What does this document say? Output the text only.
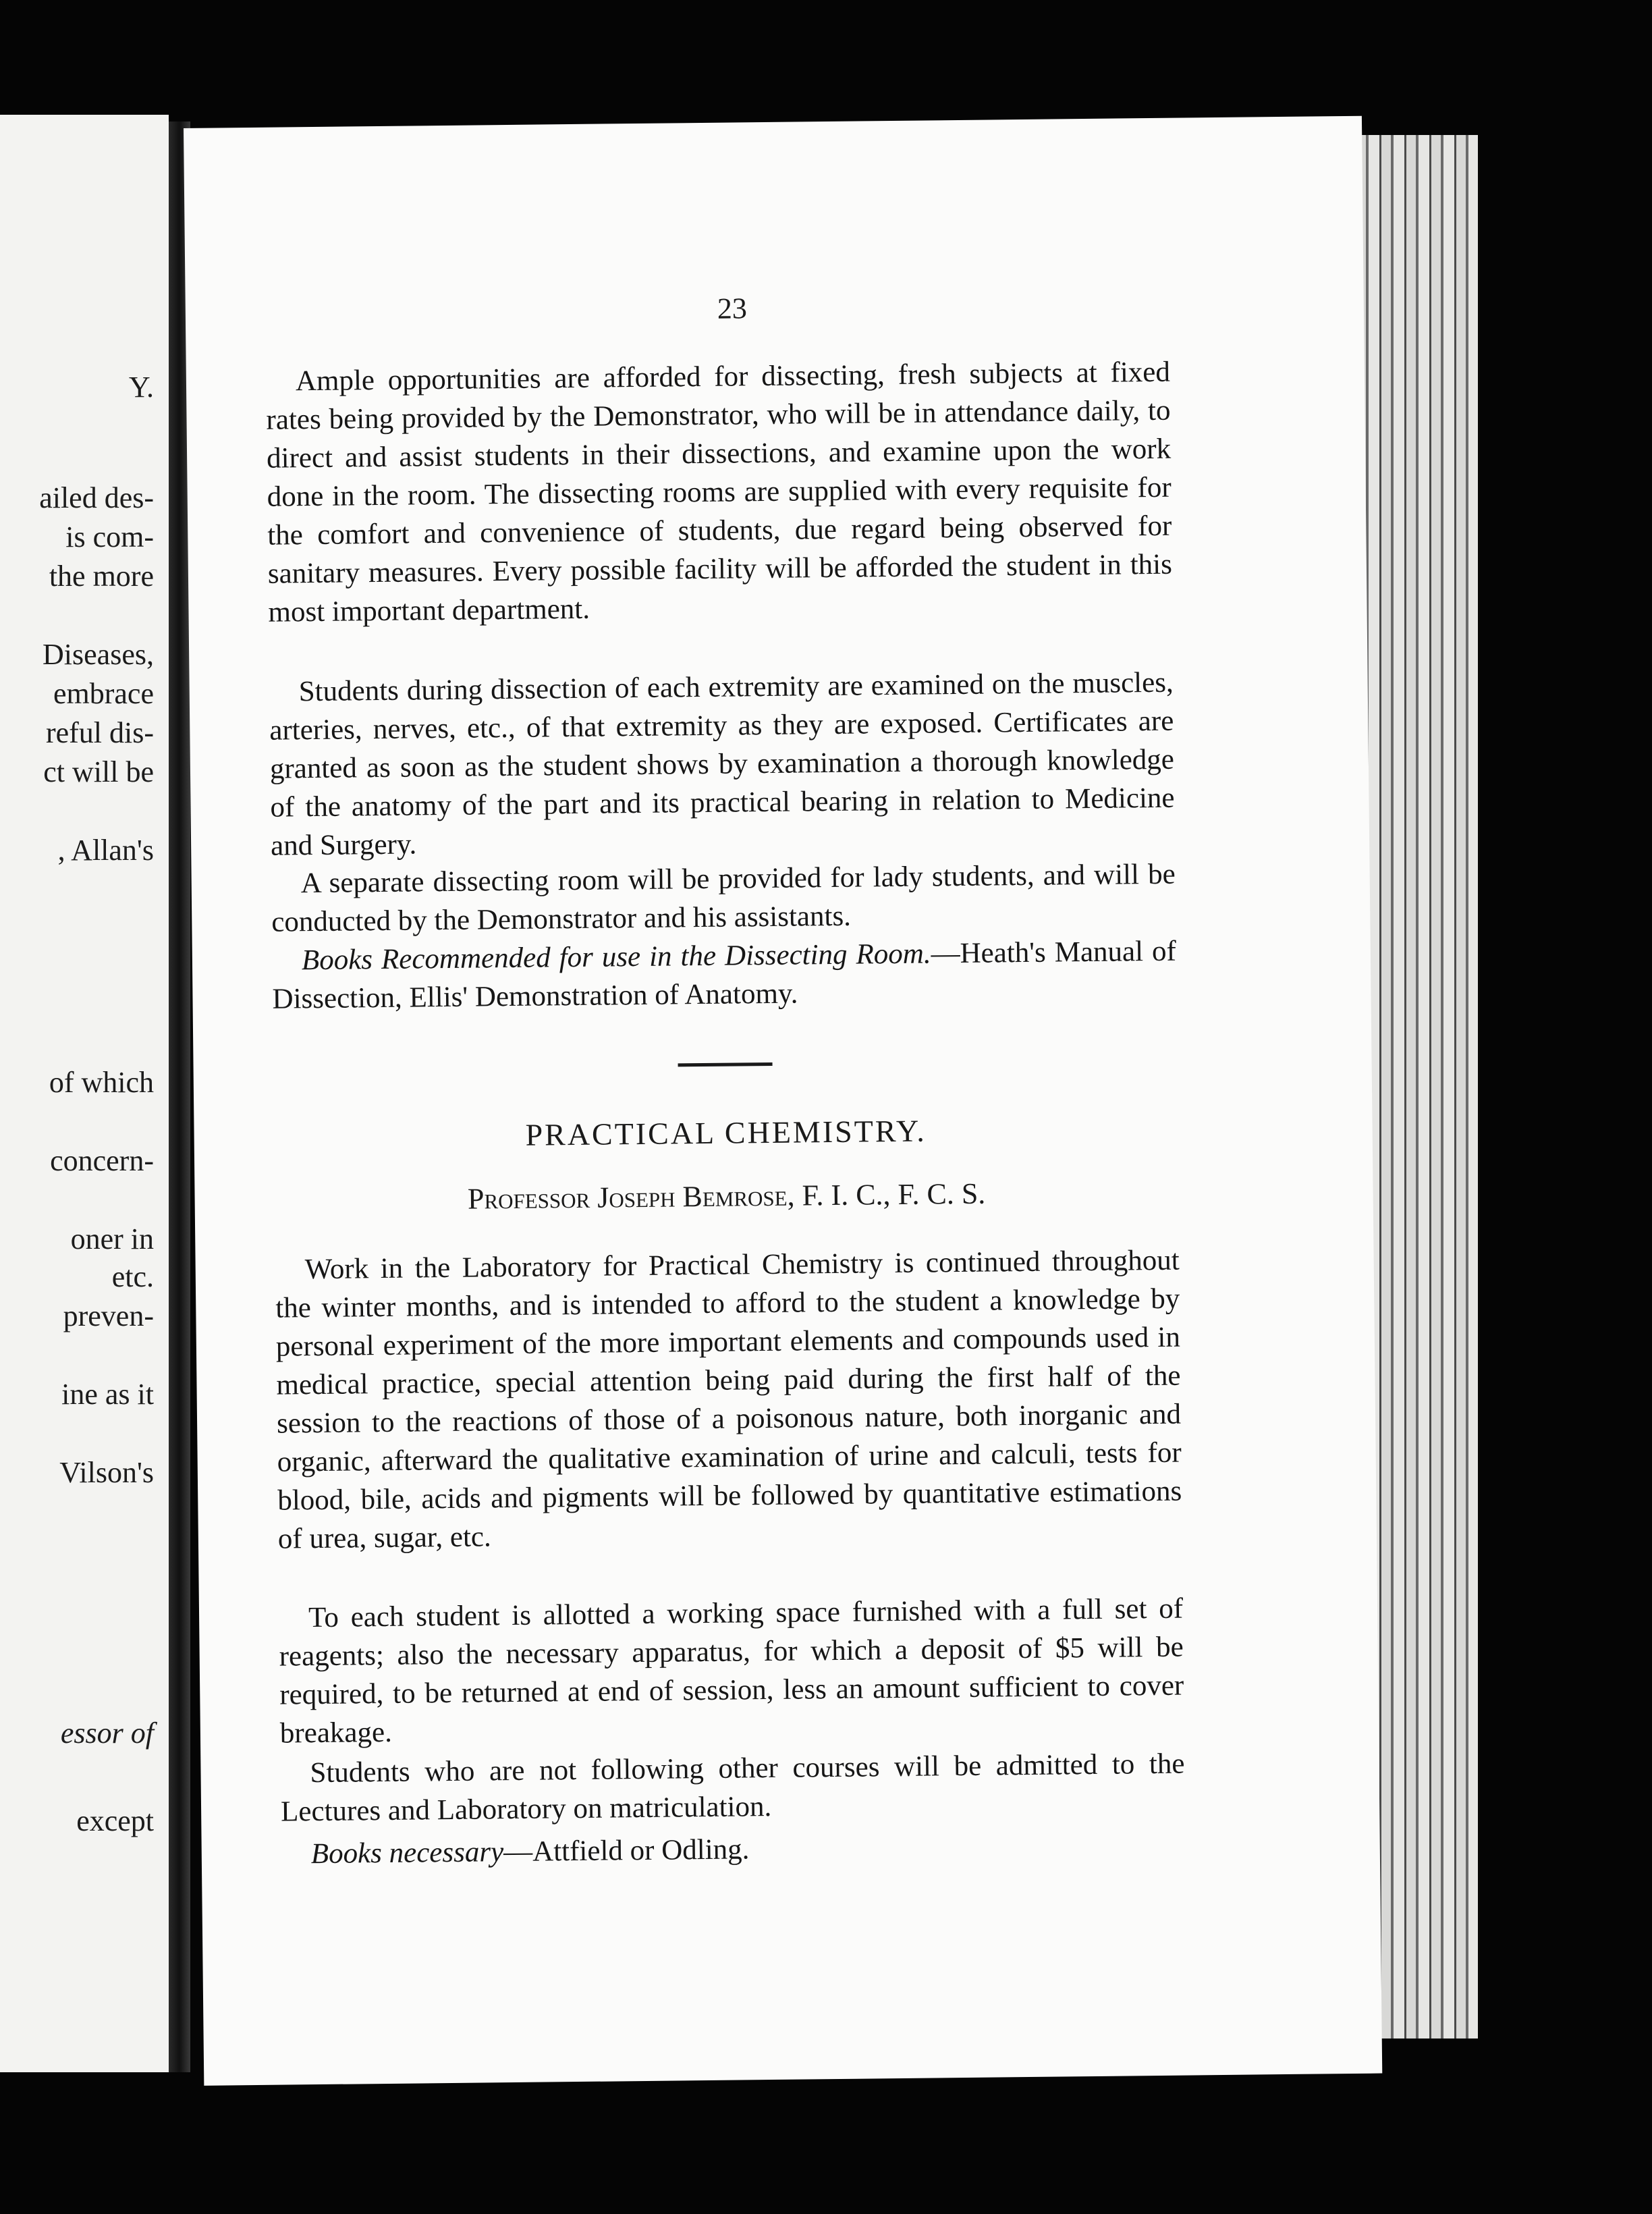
Y.
ailed des-
is com-
the more
Diseases,
embrace
reful dis-
ct will be
, Allan's
of which
concern-
oner in
etc.
preven-
ine as it
Vilson's
essor of
except
23

Ample opportunities are afforded for dissecting, fresh subjects at fixed rates being provided by the Demonstrator, who will be in attendance daily, to direct and assist students in their dissections, and examine upon the work done in the room. The dissecting rooms are supplied with every requisite for the comfort and convenience of students, due regard being observed for sanitary measures. Every possible facility will be afforded the student in this most important department.

Students during dissection of each extremity are examined on the muscles, arteries, nerves, etc., of that extremity as they are exposed. Certificates are granted as soon as the student shows by examination a thorough knowledge of the anatomy of the part and its practical bearing in relation to Medicine and Surgery.

A separate dissecting room will be provided for lady students, and will be conducted by the Demonstrator and his assistants.

Books Recommended for use in the Dissecting Room.—Heath's Manual of Dissection, Ellis' Demonstration of Anatomy.

PRACTICAL CHEMISTRY.
Professor Joseph Bemrose, F. I. C., F. C. S.

Work in the Laboratory for Practical Chemistry is continued throughout the winter months, and is intended to afford to the student a knowledge by personal experiment of the more important elements and compounds used in medical practice, special attention being paid during the first half of the session to the reactions of those of a poisonous nature, both inorganic and organic, afterward the qualitative examination of urine and calculi, tests for blood, bile, acids and pigments will be followed by quantitative estimations of urea, sugar, etc.

To each student is allotted a working space furnished with a full set of reagents; also the necessary apparatus, for which a deposit of $5 will be required, to be returned at end of session, less an amount sufficient to cover breakage.

Students who are not following other courses will be admitted to the Lectures and Laboratory on matriculation.

Books necessary—Attfield or Odling.
